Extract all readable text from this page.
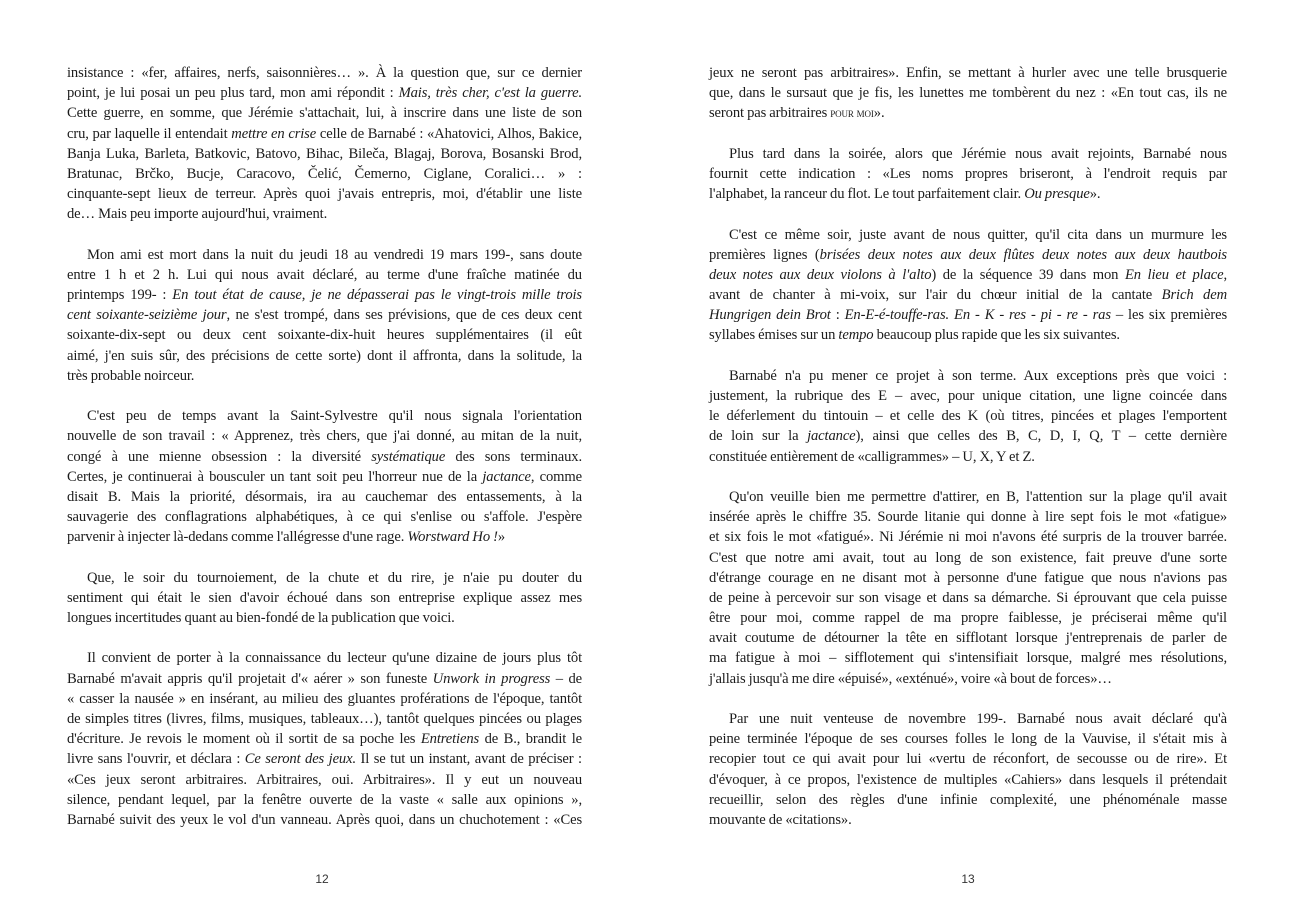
insistance : «fer, affaires, nerfs, saisonnières… ». À la question que, sur ce dernier
point, je lui posai un peu plus tard, mon ami répondit : Mais, très cher, c'est la guerre.
Cette guerre, en somme, que Jérémie s'attachait, lui, à inscrire dans une liste de son
cru, par laquelle il entendait mettre en crise celle de Barnabé : «Ahatovici, Alhos, Bakice,
Banja Luka, Barleta, Batkovic, Batovo, Bihac, Bileča, Blagaj, Borova, Bosanski Brod,
Bratunac, Brčko, Bucje, Caracovo, Čelić, Čemerno, Ciglane, Coralici… » :
cinquante-sept lieux de terreur. Après quoi j'avais entrepris, moi, d'établir une liste
de… Mais peu importe aujourd'hui, vraiment.
Mon ami est mort dans la nuit du jeudi 18 au vendredi 19 mars 199-, sans doute
entre 1 h et 2 h. Lui qui nous avait déclaré, au terme d'une fraîche matinée du
printemps 199- : En tout état de cause, je ne dépasserai pas le vingt-trois mille trois
cent soixante-seizième jour, ne s'est trompé, dans ses prévisions, que de ces deux cent
soixante-dix-sept ou deux cent soixante-dix-huit heures supplémentaires (il eût
aimé, j'en suis sûr, des précisions de cette sorte) dont il affronta, dans la solitude, la
très probable noirceur.
C'est peu de temps avant la Saint-Sylvestre qu'il nous signala l'orientation
nouvelle de son travail : « Apprenez, très chers, que j'ai donné, au mitan de la nuit,
congé à une mienne obsession : la diversité systématique des sons terminaux.
Certes, je continuerai à bousculer un tant soit peu l'horreur nue de la jactance, comme
disait B. Mais la priorité, désormais, ira au cauchemar des entassements, à la
sauvagerie des conflagrations alphabétiques, à ce qui s'enlise ou s'affole. J'espère
parvenir à injecter là-dedans comme l'allégresse d'une rage. Worstward Ho !»
Que, le soir du tournoiement, de la chute et du rire, je n'aie pu douter du
sentiment qui était le sien d'avoir échoué dans son entreprise explique assez mes
longues incertitudes quant au bien-fondé de la publication que voici.
Il convient de porter à la connaissance du lecteur qu'une dizaine de jours plus tôt
Barnabé m'avait appris qu'il projetait d'« aérer » son funeste Unwork in progress – de
« casser la nausée » en insérant, au milieu des gluantes proférations de l'époque, tantôt
de simples titres (livres, films, musiques, tableaux…), tantôt quelques pincées ou plages
d'écriture. Je revois le moment où il sortit de sa poche les Entretiens de B., brandit le
livre sans l'ouvrir, et déclara : Ce seront des jeux. Il se tut un instant, avant de préciser :
«Ces jeux seront arbitraires. Arbitraires, oui. Arbitraires». Il y eut un nouveau
silence, pendant lequel, par la fenêtre ouverte de la vaste « salle aux opinions »,
Barnabé suivit des yeux le vol d'un vanneau. Après quoi, dans un chuchotement : «Ces
jeux ne seront pas arbitraires». Enfin, se mettant à hurler avec une telle brusquerie
que, dans le sursaut que je fis, les lunettes me tombèrent du nez : «En tout cas, ils ne
seront pas arbitraires pour moi».
Plus tard dans la soirée, alors que Jérémie nous avait rejoints, Barnabé nous
fournit cette indication : «Les noms propres briseront, à l'endroit requis par
l'alphabet, la ranceur du flot. Le tout parfaitement clair. Ou presque».
C'est ce même soir, juste avant de nous quitter, qu'il cita dans un murmure les
premières lignes (brisées deux notes aux deux flûtes deux notes aux deux hautbois
deux notes aux deux violons à l'alto) de la séquence 39 dans mon En lieu et place,
avant de chanter à mi-voix, sur l'air du chœur initial de la cantate Brich dem
Hungrigen dein Brot : En-E-é-touffe-ras. En - K - res - pi - re - ras – les six premières
syllabes émises sur un tempo beaucoup plus rapide que les six suivantes.
Barnabé n'a pu mener ce projet à son terme. Aux exceptions près que voici :
justement, la rubrique des E – avec, pour unique citation, une ligne coincée dans
le déferlement du tintouin – et celle des K (où titres, pincées et plages l'emportent
de loin sur la jactance), ainsi que celles des B, C, D, I, Q, T – cette dernière
constituée entièrement de «calligrammes» – U, X, Y et Z.
Qu'on veuille bien me permettre d'attirer, en B, l'attention sur la plage qu'il avait
insérée après le chiffre 35. Sourde litanie qui donne à lire sept fois le mot «fatigue»
et six fois le mot «fatigué». Ni Jérémie ni moi n'avons été surpris de la trouver barrée.
C'est que notre ami avait, tout au long de son existence, fait preuve d'une sorte
d'étrange courage en ne disant mot à personne d'une fatigue que nous n'avions pas
de peine à percevoir sur son visage et dans sa démarche. Si éprouvant que cela puisse
être pour moi, comme rappel de ma propre faiblesse, je préciserai même qu'il
avait coutume de détourner la tête en sifflotant lorsque j'entreprenais de parler de
ma fatigue à moi – sifflotement qui s'intensifiait lorsque, malgré mes résolutions,
j'allais jusqu'à me dire «épuisé», «exténué», voire «à bout de forces»…
Par une nuit venteuse de novembre 199-. Barnabé nous avait déclaré qu'à
peine terminée l'époque de ses courses folles le long de la Vauvise, il s'était mis à
recopier tout ce qui avait pour lui «vertu de réconfort, de secousse ou de rire». Et
d'évoquer, à ce propos, l'existence de multiples «Cahiers» dans lesquels il prétendait
recueillir, selon des règles d'une infinie complexité, une phénoménale masse
mouvante de «citations».
12	13
